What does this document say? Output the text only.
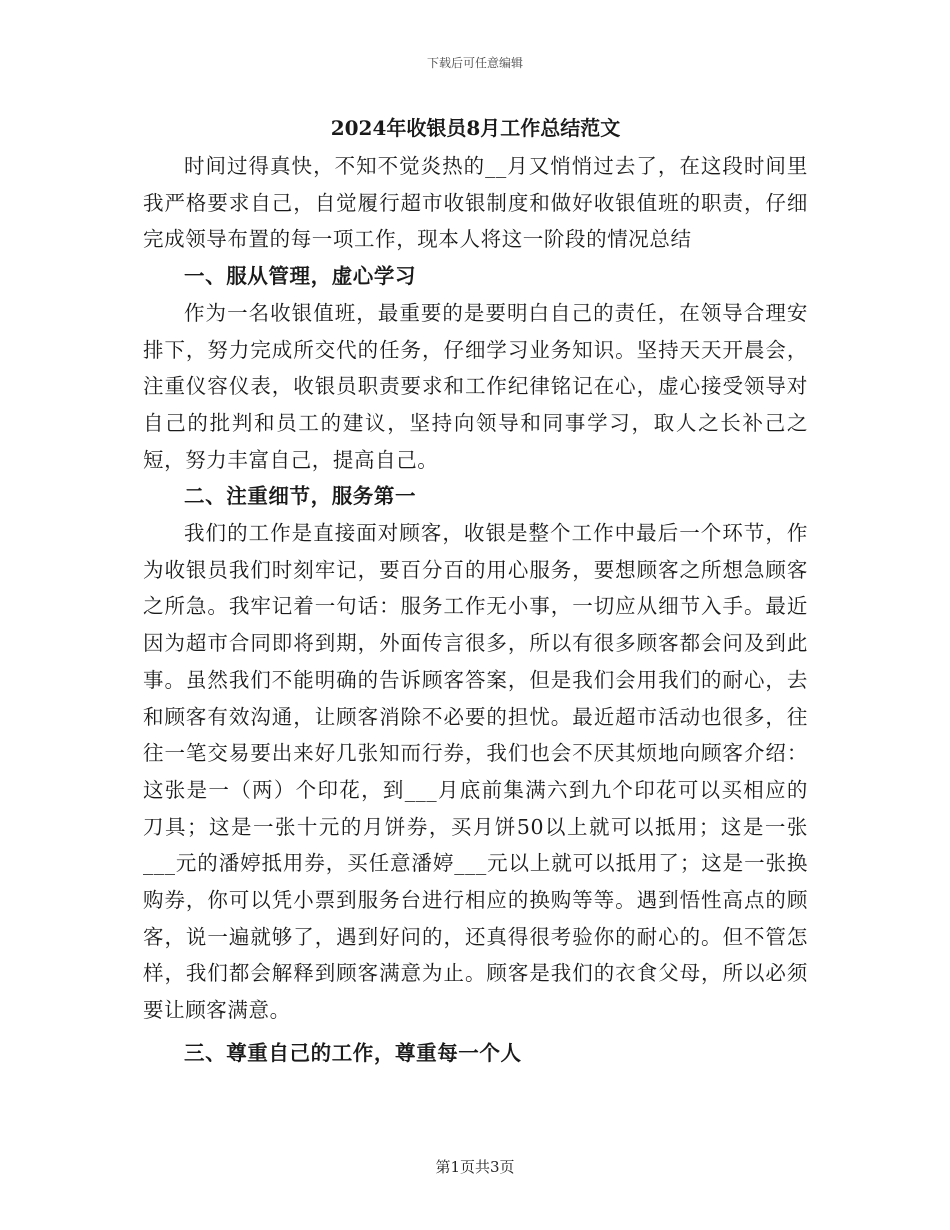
下载后可任意编辑
2024年收银员8月工作总结范文

时间过得真快，不知不觉炎热的__月又悄悄过去了，在这段时间里我严格要求自己，自觉履行超市收银制度和做好收银值班的职责，仔细完成领导布置的每一项工作，现本人将这一阶段的情况总结

一、服从管理，虚心学习

作为一名收银值班，最重要的是要明白自己的责任，在领导合理安排下，努力完成所交代的任务，仔细学习业务知识。坚持天天开晨会，注重仪容仪表，收银员职责要求和工作纪律铭记在心，虚心接受领导对自己的批判和员工的建议，坚持向领导和同事学习，取人之长补己之短，努力丰富自己，提高自己。

二、注重细节，服务第一

我们的工作是直接面对顾客，收银是整个工作中最后一个环节，作为收银员我们时刻牢记，要百分百的用心服务，要想顾客之所想急顾客之所急。我牢记着一句话：服务工作无小事，一切应从细节入手。最近因为超市合同即将到期，外面传言很多，所以有很多顾客都会问及到此事。虽然我们不能明确的告诉顾客答案，但是我们会用我们的耐心，去和顾客有效沟通，让顾客消除不必要的担忧。最近超市活动也很多，往往一笔交易要出来好几张知而行券，我们也会不厌其烦地向顾客介绍：这张是一（两）个印花，到___月底前集满六到九个印花可以买相应的刀具；这是一张十元的月饼券，买月饼50以上就可以抵用；这是一张___元的潘婷抵用券，买任意潘婷___元以上就可以抵用了；这是一张换购券，你可以凭小票到服务台进行相应的换购等等。遇到悟性高点的顾客，说一遍就够了，遇到好问的，还真得很考验你的耐心的。但不管怎样，我们都会解释到顾客满意为止。顾客是我们的衣食父母，所以必须要让顾客满意。

三、尊重自己的工作，尊重每一个人

第1页共3页
